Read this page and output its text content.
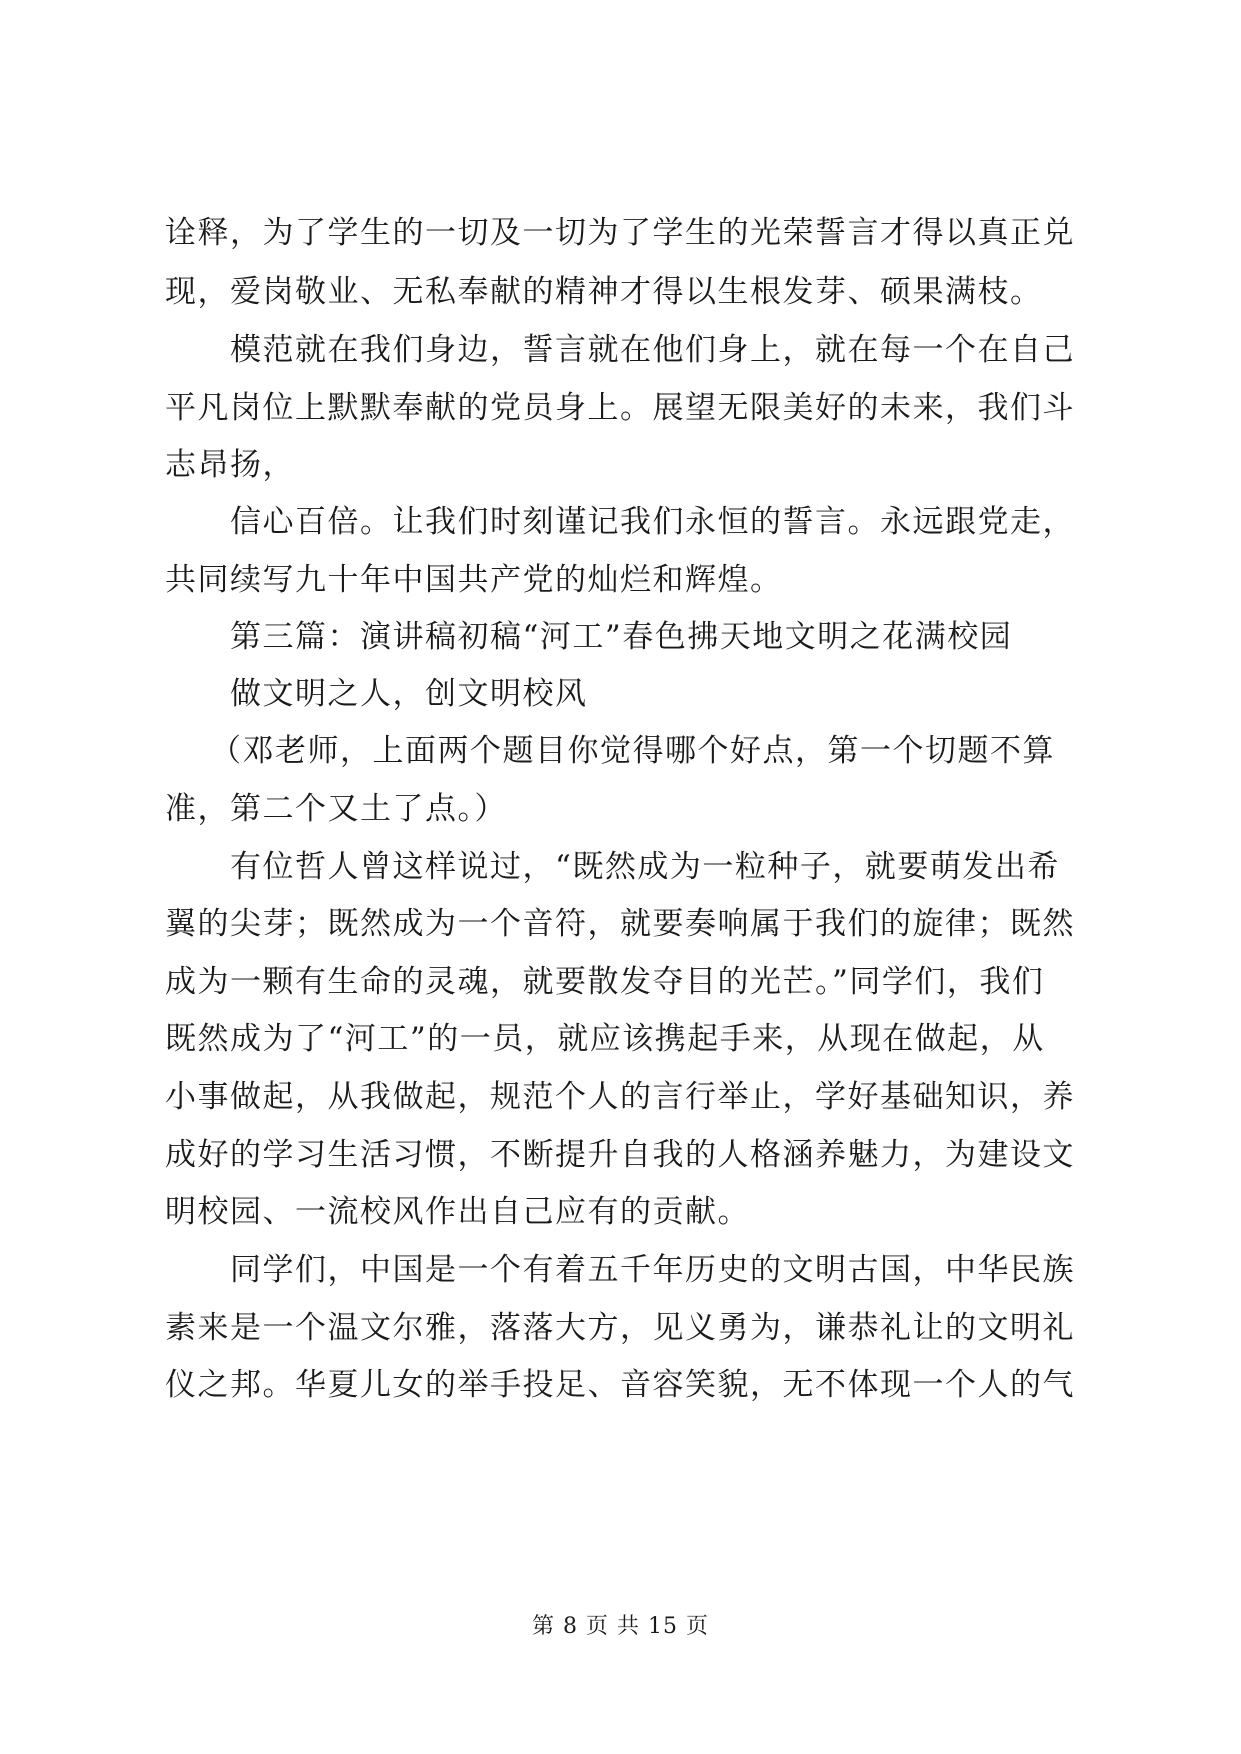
诠释，为了学生的一切及一切为了学生的光荣誓言才得以真正兑
现，爱岗敬业、无私奉献的精神才得以生根发芽、硕果满枝。
模范就在我们身边，誓言就在他们身上，就在每一个在自己
平凡岗位上默默奉献的党员身上。展望无限美好的未来，我们斗
志昂扬，
信心百倍。让我们时刻谨记我们永恒的誓言。永远跟党走，
共同续写九十年中国共产党的灿烂和辉煌。
第三篇：演讲稿初稿“河工”春色拂天地文明之花满校园
做文明之人，创文明校风
（邓老师，上面两个题目你觉得哪个好点，第一个切题不算
准，第二个又土了点。）
有位哲人曾这样说过，“既然成为一粒种子，就要萌发出希
翼的尖芽；既然成为一个音符，就要奏响属于我们的旋律；既然
成为一颗有生命的灵魂，就要散发夺目的光芒。”同学们，我们
既然成为了“河工”的一员，就应该携起手来，从现在做起，从
小事做起，从我做起，规范个人的言行举止，学好基础知识，养
成好的学习生活习惯，不断提升自我的人格涵养魅力，为建设文
明校园、一流校风作出自己应有的贡献。
同学们，中国是一个有着五千年历史的文明古国，中华民族
素来是一个温文尔雅，落落大方，见义勇为，谦恭礼让的文明礼
仪之邦。华夏儿女的举手投足、音容笑貌，无不体现一个人的气
第 8 页 共 15 页
